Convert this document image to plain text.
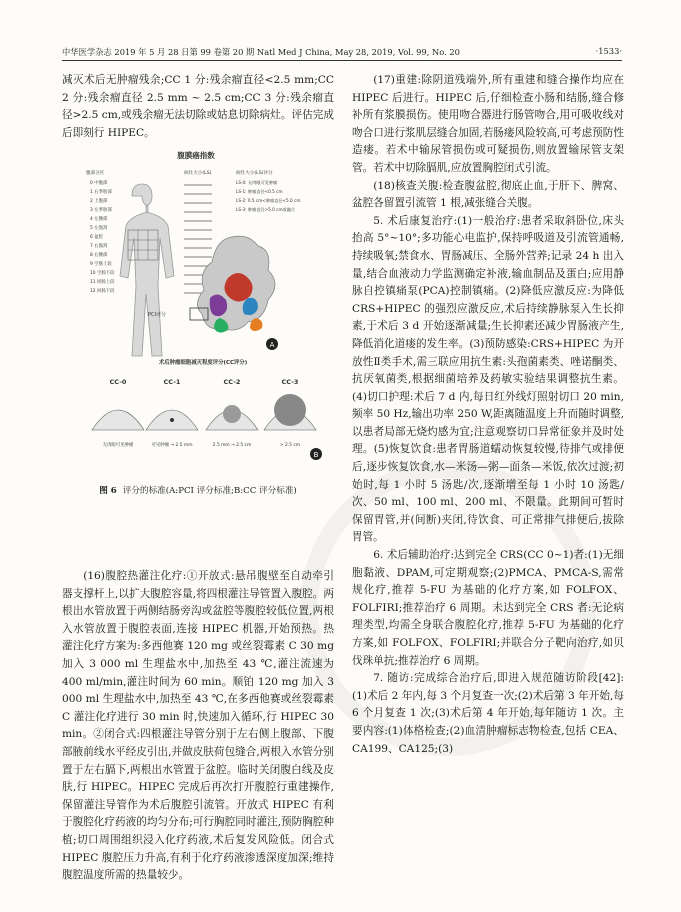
中华医学杂志 2019 年 5 月 28 日第 99 卷第 20 期 Natl Med J China, May 28, 2019, Vol. 99, No. 20	·1533·

减灭术后无肿瘤残余;CC 1 分:残余瘤直径<2.5 mm;CC 2 分:残余瘤直径 2.5 mm ~ 2.5 cm;CC 3 分:残余瘤直径>2.5 cm,或残余瘤无法切除或姑息切除病灶。评估完成后即刻行 HIPEC。

腹膜癌指数
腹部分区	病灶大小(LS)	病灶大小(LS)评分
0 中腹部
1 右季肋部
2 上腹部
3 左季肋部
4 左腰部
5 左髂窝
6 盆腔
7 右髂窝
8 右腰部
9 空肠上段
10 空肠下段
11 回肠上段
12 回肠下段
LS-0: 无肉眼可见肿瘤
LS-1: 肿瘤直径<0.5 cm
LS-2: 0.5 cm<肿瘤直径<5.0 cm
LS-3: 肿瘤直径>5.0 cm或融合
A
PCI评分
术后肿瘤细胞减灭程度评分(CC评分)
CC-0	CC-1	CC-2	CC-3
无肉眼可见肿瘤	可见肿瘤 → 2.5 mm	2.5 mm → 2.5 cm	> 2.5 cm
B
图 6 评分的标准(A:PCI 评分标准;B:CC 评分标准)

(16)腹腔热灌注化疗:①开放式:悬吊腹壁至自动牵引器支撑杆上,以扩大腹腔容量,将四根灌注导管置入腹腔。两根出水管放置于两侧结肠旁沟或盆腔等腹腔较低位置,两根入水管放置于腹腔表面,连接 HIPEC 机器,开始预热。热灌注化疗方案为:多西他赛 120 mg 或丝裂霉素 C 30 mg 加入 3 000 ml 生理盐水中,加热至 43 ℃,灌注流速为 400 ml/min,灌注时间为 60 min。顺铂 120 mg 加入 3 000 ml 生理盐水中,加热至 43 ℃,在多西他赛或丝裂霉素 C 灌注化疗进行 30 min 时,快速加入循环,行 HIPEC 30 min。②闭合式:四根灌注导管分别于左右侧上腹部、下腹部腋前线水平经皮引出,并做皮肤荷包缝合,两根入水管分别置于左右膈下,两根出水管置于盆腔。临时关闭腹白线及皮肤,行 HIPEC。HIPEC 完成后再次打开腹腔行重建操作,保留灌注导管作为术后腹腔引流管。开放式 HIPEC 有利于腹腔化疗药液的均匀分布;可行胸腔同时灌注,预防胸腔种植;切口周围组织浸入化疗药液,术后复发风险低。闭合式 HIPEC 腹腔压力升高,有利于化疗药液渗透深度加深;维持腹腔温度所需的热量较少。

(17)重建:除阴道残端外,所有重建和缝合操作均应在 HIPEC 后进行。HIPEC 后,仔细检查小肠和结肠,缝合修补所有浆膜损伤。使用吻合器进行肠管吻合,用可吸收线对吻合口进行浆肌层缝合加固,若肠瘘风险较高,可考虑预防性造瘘。若术中输尿管损伤或可疑损伤,则放置输尿管支架管。若术中切除膈肌,应放置胸腔闭式引流。

(18)核查关腹:检查腹盆腔,彻底止血,于肝下、脾窝、盆腔各留置引流管 1 根,减张缝合关腹。

5. 术后康复治疗:(1)一般治疗:患者采取斜卧位,床头抬高 5°~10°;多功能心电监护,保持呼吸道及引流管通畅,持续吸氧;禁食水、胃肠减压、全肠外营养;记录 24 h 出入量,结合血液动力学监测确定补液,输血制品及蛋白;应用静脉自控镇痛泵(PCA)控制镇痛。(2)降低应激反应:为降低 CRS+HIPEC 的强烈应激反应,术后持续静脉泵入生长抑素,于术后 3 d 开始逐渐减量;生长抑素还减少胃肠液产生,降低消化道瘘的发生率。(3)预防感染:CRS+HIPEC 为开放性Ⅱ类手术,需三联应用抗生素:头孢菌素类、唑诺酮类、抗厌氧菌类,根据细菌培养及药敏实验结果调整抗生素。(4)切口护理:术后 7 d 内,每日红外线灯照射切口 20 min,频率 50 Hz,输出功率 250 W,距离随温度上升而随时调整,以患者局部无烧灼感为宜;注意观察切口异常征象并及时处理。(5)恢复饮食:患者胃肠道蠕动恢复较慢,待排气或排便后,逐步恢复饮食,水—米汤—粥—面条—米饭,依次过渡;初始时,每 1 小时 5 汤匙/次,逐渐增至每 1 小时 10 汤匙/次、50 ml、100 ml、200 ml、不限量。此期间可暂时保留胃管,并(间断)夹闭,待饮食、可正常排气排便后,拔除胃管。

6. 术后辅助治疗:达到完全 CRS(CC 0~1)者:(1)无细胞黏液、DPAM,可定期观察;(2)PMCA、PMCA-S,需常规化疗,推荐 5-FU 为基础的化疗方案,如 FOLFOX、FOLFIRI;推荐治疗 6 周期。未达到完全 CRS 者:无论病理类型,均需全身联合腹腔化疗,推荐 5-FU 为基础的化疗方案,如 FOLFOX、FOLFIRI;并联合分子靶向治疗,如贝伐珠单抗;推荐治疗 6 周期。

7. 随访:完成综合治疗后,即进入规范随访阶段[42]:(1)术后 2 年内,每 3 个月复查一次;(2)术后第 3 年开始,每 6 个月复查 1 次;(3)术后第 4 年开始,每年随访 1 次。主要内容:(1)体格检查;(2)血清肿瘤标志物检查,包括 CEA、CA199、CA125;(3)
